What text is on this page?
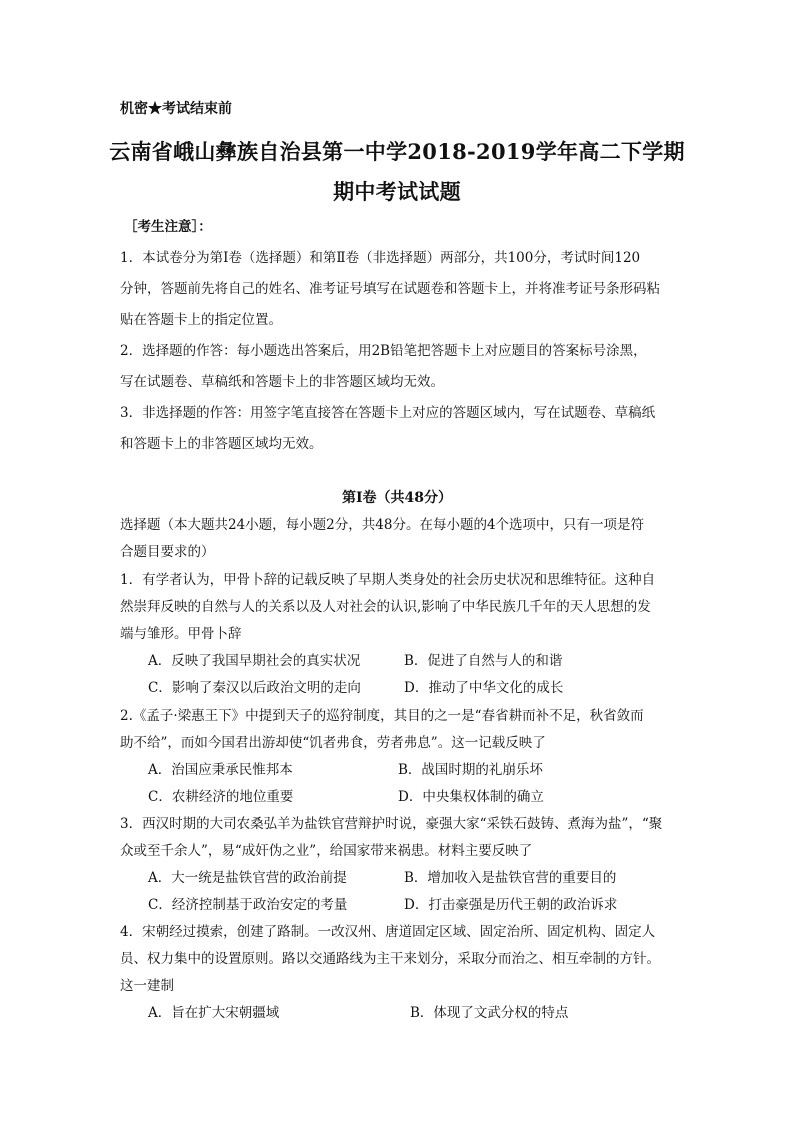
机密★考试结束前
云南省峨山彝族自治县第一中学2018-2019学年高二下学期
期中考试试题
［考生注意］：
1．本试卷分为第Ⅰ卷（选择题）和第Ⅱ卷（非选择题）两部分，共100分，考试时间120
分钟，答题前先将自己的姓名、准考证号填写在试题卷和答题卡上，并将准考证号条形码粘
贴在答题卡上的指定位置。
2．选择题的作答：每小题选出答案后，用2B铅笔把答题卡上对应题目的答案标号涂黑，
写在试题卷、草稿纸和答题卡上的非答题区域均无效。
3．非选择题的作答：用签字笔直接答在答题卡上对应的答题区域内，写在试题卷、草稿纸
和答题卡上的非答题区域均无效。
第Ⅰ卷（共48分）
选择题（本大题共24小题，每小题2分，共48分。在每小题的4个选项中，只有一项是符
合题目要求的）
1．有学者认为，甲骨卜辞的记载反映了早期人类身处的社会历史状况和思维特征。这种自
然崇拜反映的自然与人的关系以及人对社会的认识,影响了中华民族几千年的天人思想的发
端与雏形。甲骨卜辞
A．反映了我国早期社会的真实状况	B．促进了自然与人的和谐
C．影响了秦汉以后政治文明的走向	D．推动了中华文化的成长
2.《孟子·梁惠王下》中提到天子的巡狩制度，其目的之一是“春省耕而补不足，秋省敛而
助不给”，而如今国君出游却使“饥者弗食，劳者弗息”。这一记载反映了
A．治国应秉承民惟邦本	B．战国时期的礼崩乐坏
C．农耕经济的地位重要	D．中央集权体制的确立
3．西汉时期的大司农桑弘羊为盐铁官营辩护时说，豪强大家“采铁石鼓铸、煮海为盐”，“聚
众或至千余人”，易“成奸伪之业”，给国家带来祸患。材料主要反映了
A．大一统是盐铁官营的政治前提	B．增加收入是盐铁官营的重要目的
C．经济控制基于政治安定的考量	D．打击豪强是历代王朝的政治诉求
4．宋朝经过摸索，创建了路制。一改汉州、唐道固定区域、固定治所、固定机构、固定人
员、权力集中的设置原则。路以交通路线为主干来划分，采取分而治之、相互牵制的方针。
这一建制
A．旨在扩大宋朝疆域	B．体现了文武分权的特点
